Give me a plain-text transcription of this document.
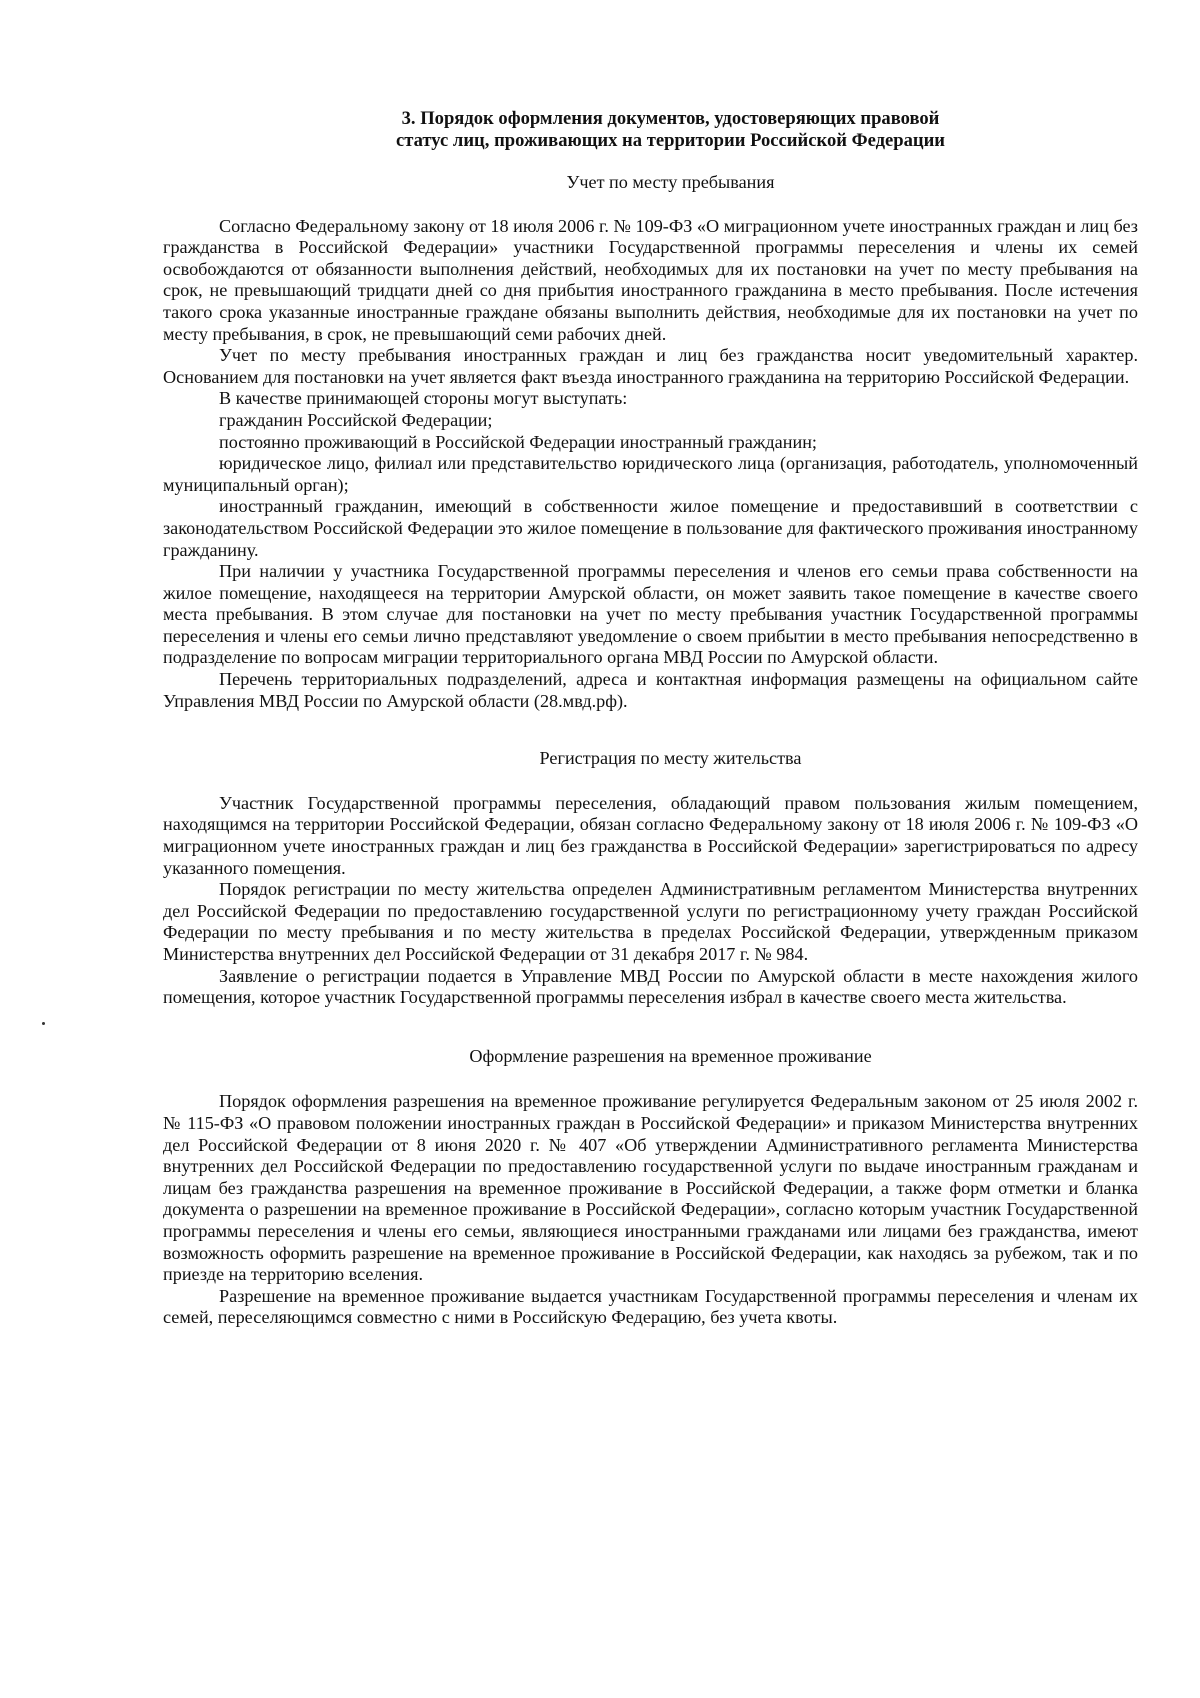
3. Порядок оформления документов, удостоверяющих правовой
статус лиц, проживающих на территории Российской Федерации
Учет по месту пребывания

Согласно Федеральному закону от 18 июля 2006 г. № 109-ФЗ «О миграционном учете иностранных граждан и лиц без гражданства в Российской Федерации» участники Государственной программы переселения и члены их семей освобождаются от обязанности выполнения действий, необходимых для их постановки на учет по месту пребывания на срок, не превышающий тридцати дней со дня прибытия иностранного гражданина в место пребывания. После истечения такого срока указанные иностранные граждане обязаны выполнить действия, необходимые для их постановки на учет по месту пребывания, в срок, не превышающий семи рабочих дней.

Учет по месту пребывания иностранных граждан и лиц без гражданства носит уведомительный характер. Основанием для постановки на учет является факт въезда иностранного гражданина на территорию Российской Федерации.

В качестве принимающей стороны могут выступать:

гражданин Российской Федерации;

постоянно проживающий в Российской Федерации иностранный гражданин;

юридическое лицо, филиал или представительство юридического лица (организация, работодатель, уполномоченный муниципальный орган);

иностранный гражданин, имеющий в собственности жилое помещение и предоставивший в соответствии с законодательством Российской Федерации это жилое помещение в пользование для фактического проживания иностранному гражданину.

При наличии у участника Государственной программы переселения и членов его семьи права собственности на жилое помещение, находящееся на территории Амурской области, он может заявить такое помещение в качестве своего места пребывания. В этом случае для постановки на учет по месту пребывания участник Государственной программы переселения и члены его семьи лично представляют уведомление о своем прибытии в место пребывания непосредственно в подразделение по вопросам миграции территориального органа МВД России по Амурской области.

Перечень территориальных подразделений, адреса и контактная информация размещены на официальном сайте Управления МВД России по Амурской области (28.мвд.рф).

Регистрация по месту жительства

Участник Государственной программы переселения, обладающий правом пользования жилым помещением, находящимся на территории Российской Федерации, обязан согласно Федеральному закону от 18 июля 2006 г. № 109-ФЗ «О миграционном учете иностранных граждан и лиц без гражданства в Российской Федерации» зарегистрироваться по адресу указанного помещения.

Порядок регистрации по месту жительства определен Административным регламентом Министерства внутренних дел Российской Федерации по предоставлению государственной услуги по регистрационному учету граждан Российской Федерации по месту пребывания и по месту жительства в пределах Российской Федерации, утвержденным приказом Министерства внутренних дел Российской Федерации от 31 декабря 2017 г. № 984.

Заявление о регистрации подается в Управление МВД России по Амурской области в месте нахождения жилого помещения, которое участник Государственной программы переселения избрал в качестве своего места жительства.

Оформление разрешения на временное проживание

Порядок оформления разрешения на временное проживание регулируется Федеральным законом от 25 июля 2002 г. № 115-ФЗ «О правовом положении иностранных граждан в Российской Федерации» и приказом Министерства внутренних дел Российской Федерации от 8 июня 2020 г. № 407 «Об утверждении Административного регламента Министерства внутренних дел Российской Федерации по предоставлению государственной услуги по выдаче иностранным гражданам и лицам без гражданства разрешения на временное проживание в Российской Федерации, а также форм отметки и бланка документа о разрешении на временное проживание в Российской Федерации», согласно которым участник Государственной программы переселения и члены его семьи, являющиеся иностранными гражданами или лицами без гражданства, имеют возможность оформить разрешение на временное проживание в Российской Федерации, как находясь за рубежом, так и по приезде на территорию вселения.

Разрешение на временное проживание выдается участникам Государственной программы переселения и членам их семей, переселяющимся совместно с ними в Российскую Федерацию, без учета квоты.
